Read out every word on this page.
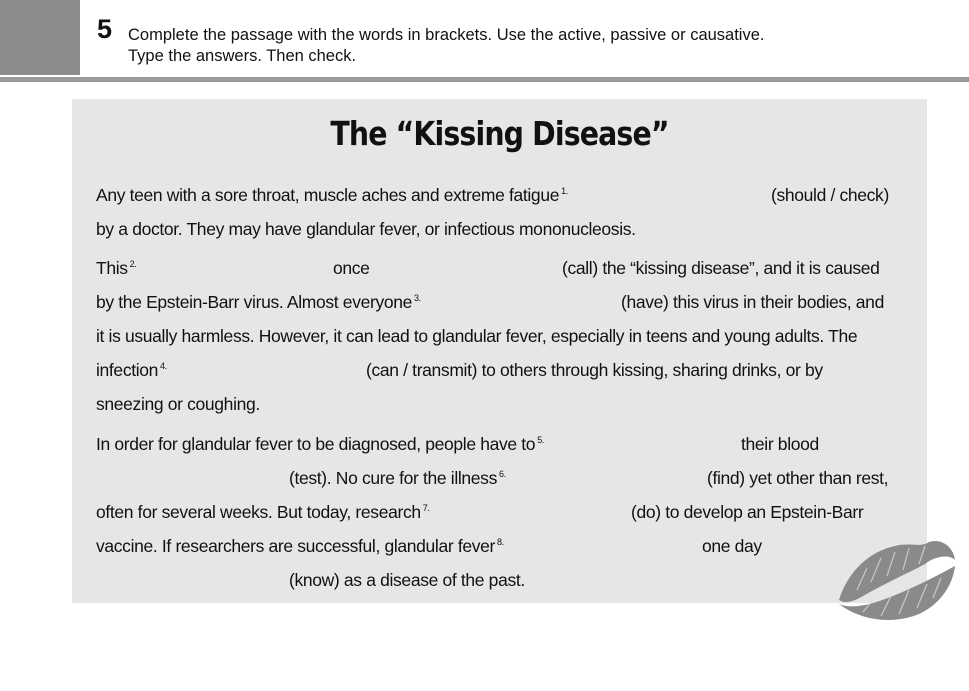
5 Complete the passage with the words in brackets. Use the active, passive or causative.
Type the answers. Then check.
The “Kissing Disease”
Any teen with a sore throat, muscle aches and extreme fatigue $^{1.}$	(should / check)
by a doctor. They may have glandular fever, or infectious mononucleosis.
This $^{2.}$	once	(call) the “kissing disease”, and it is caused
by the Epstein-Barr virus. Almost everyone $^{3.}$	(have) this virus in their bodies, and
it is usually harmless. However, it can lead to glandular fever, especially in teens and young adults. The
infection $^{4.}$	(can / transmit) to others through kissing, sharing drinks, or by
sneezing or coughing.
In order for glandular fever to be diagnosed, people have to $^{5.}$	their blood
(test). No cure for the illness $^{6.}$	(find) yet other than rest,
often for several weeks. But today, research $^{7.}$	(do) to develop an Epstein-Barr
vaccine. If researchers are successful, glandular fever $^{8.}$	one day
(know) as a disease of the past.
